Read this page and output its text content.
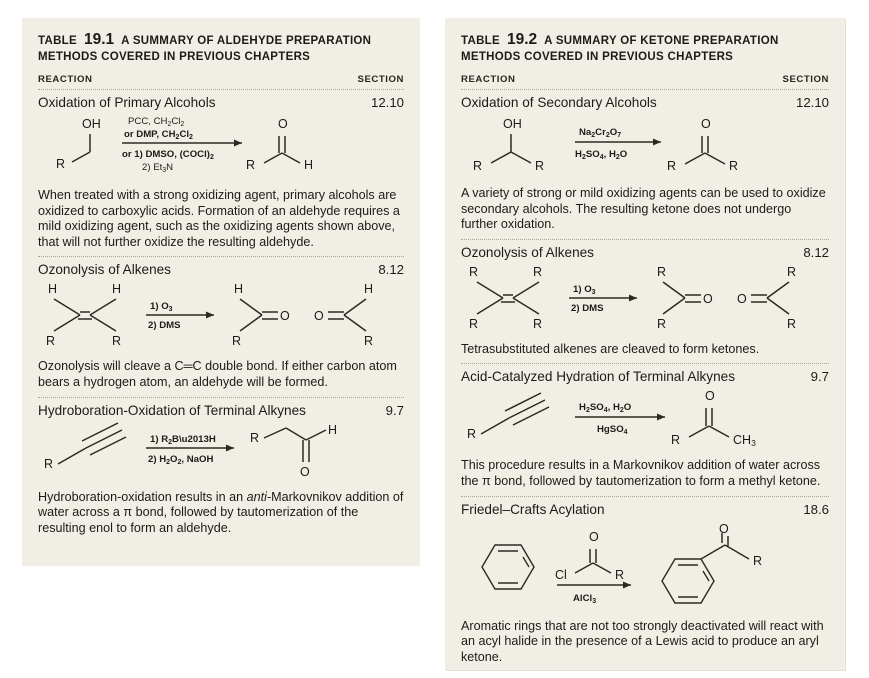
TABLE 19.1 A SUMMARY OF ALDEHYDE PREPARATION
METHODS COVERED IN PREVIOUS CHAPTERS
REACTION	SECTION
Oxidation of Primary Alcohols	12.10
OH
R
PCC, $CH_2Cl_2$
or DMP, $CH_2Cl_2$
or 1) DMSO, $(COCl)_2$
2) $Et_3N$
O
R	H
When treated with a strong oxidizing agent, primary alcohols are oxidized to carboxylic acids. Formation of an aldehyde requires a mild oxidizing agent, such as the oxidizing agents shown above, that will not further oxidize the resulting aldehyde.
Ozonolysis of Alkenes	8.12
H	H
R	R
1) $O_3$
2) DMS
H
R
O O
H
R
Ozonolysis will cleave a C═C double bond. If either carbon atom bears a hydrogen atom, an aldehyde will be formed.
Hydroboration-Oxidation of Terminal Alkynes	9.7
R
1) $R_2B\backslash u2013H$
2) $H_2O_2$, NaOH
R
H
O
Hydroboration-oxidation results in an anti-Markovnikov addition of water across a π bond, followed by tautomerization of the resulting enol to form an aldehyde.
TABLE 19.2 A SUMMARY OF KETONE PREPARATION
METHODS COVERED IN PREVIOUS CHAPTERS
REACTION	SECTION
Oxidation of Secondary Alcohols	12.10
OH
R	R
$Na_2Cr_2O_7$
$H_2SO_4$, $H_2O$
O
R	R
A variety of strong or mild oxidizing agents can be used to oxidize secondary alcohols. The resulting ketone does not undergo further oxidation.
Ozonolysis of Alkenes	8.12
R	R
R	R
1) $O_3$
2) DMS
R
R
O O
R
R
Tetrasubstituted alkenes are cleaved to form ketones.
Acid-Catalyzed Hydration of Terminal Alkynes	9.7
R
$H_2SO_4$, $H_2O$
HgSO$_4$
O
R	CH3
This procedure results in a Markovnikov addition of water across the π bond, followed by tautomerization to form a methyl ketone.
Friedel–Crafts Acylation	18.6
O
Cl	R
AlCl$_3$
O
R
Aromatic rings that are not too strongly deactivated will react with an acyl halide in the presence of a Lewis acid to produce an aryl ketone.
